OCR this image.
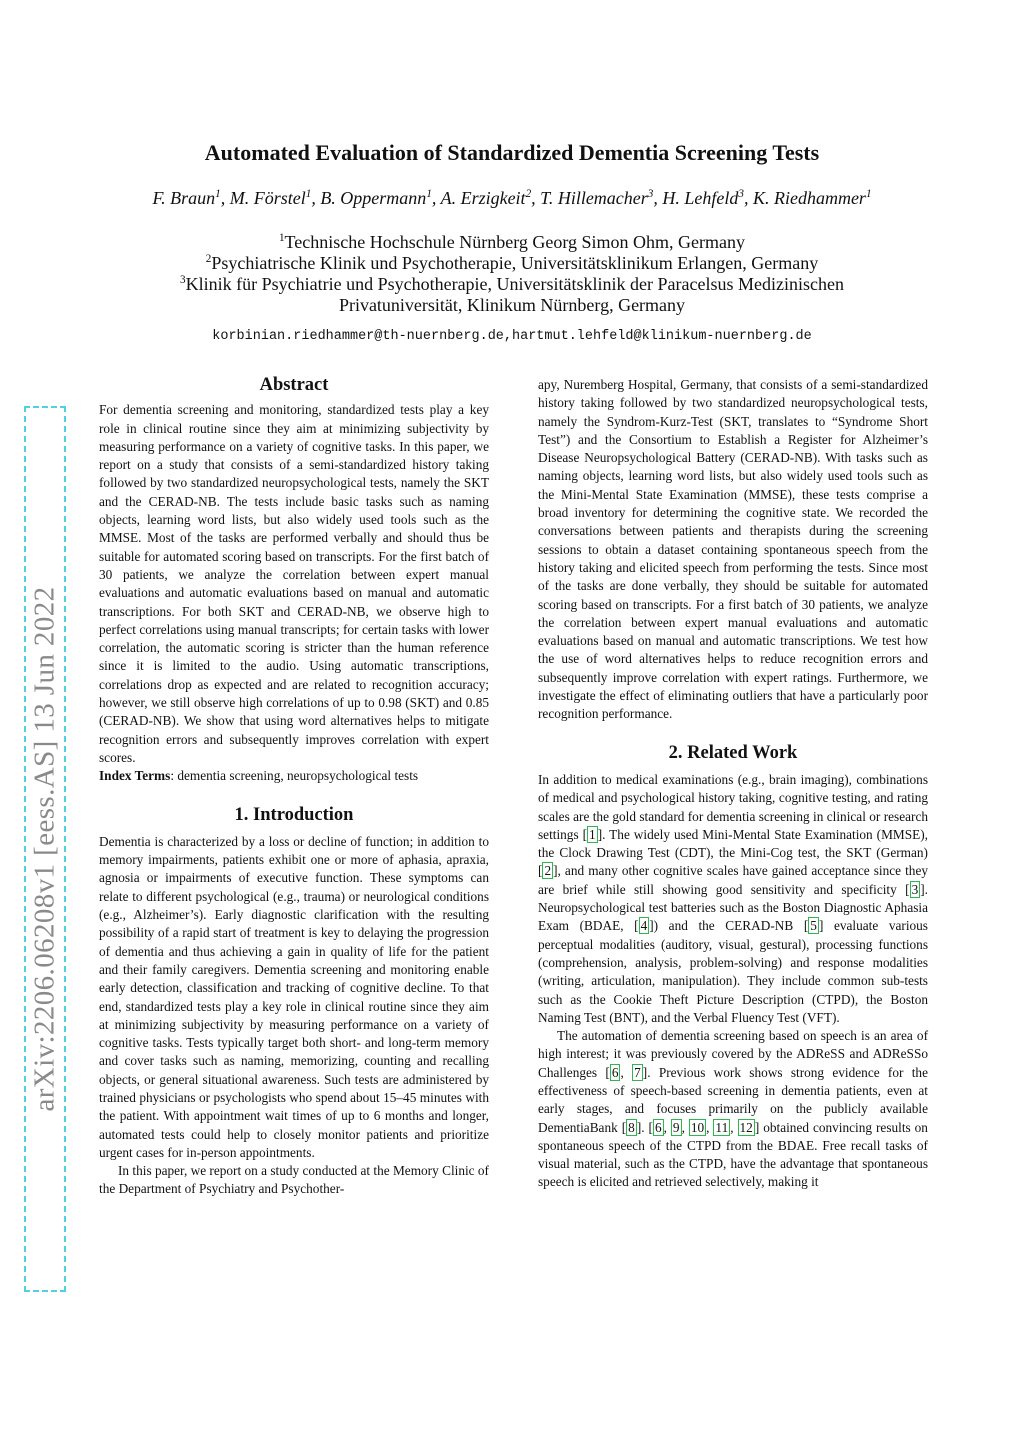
Automated Evaluation of Standardized Dementia Screening Tests
F. Braun$^1$, M. Förstel$^1$, B. Oppermann$^1$, A. Erzigkeit$^2$, T. Hillemacher$^3$, H. Lehfeld$^3$, K. Riedhammer$^1$
$^1$Technische Hochschule Nürnberg Georg Simon Ohm, Germany
$^2$Psychiatrische Klinik und Psychotherapie, Universitätsklinikum Erlangen, Germany
$^3$Klinik für Psychiatrie und Psychotherapie, Universitätsklinik der Paracelsus Medizinischen
Privatuniversität, Klinikum Nürnberg, Germany
korbinian.riedhammer@th-nuernberg.de,hartmut.lehfeld@klinikum-nuernberg.de
arXiv:2206.06208v1 [eess.AS] 13 Jun 2022
Abstract

For dementia screening and monitoring, standardized tests play a key role in clinical routine since they aim at minimizing subjectivity by measuring performance on a variety of cognitive tasks. In this paper, we report on a study that consists of a semi-standardized history taking followed by two standardized neuropsychological tests, namely the SKT and the CERAD-NB. The tests include basic tasks such as naming objects, learning word lists, but also widely used tools such as the MMSE. Most of the tasks are performed verbally and should thus be suitable for automated scoring based on transcripts. For the first batch of 30 patients, we analyze the correlation between expert manual evaluations and automatic evaluations based on manual and automatic transcriptions. For both SKT and CERAD-NB, we observe high to perfect correlations using manual transcripts; for certain tasks with lower correlation, the automatic scoring is stricter than the human reference since it is limited to the audio. Using automatic transcriptions, correlations drop as expected and are related to recognition accuracy; however, we still observe high correlations of up to 0.98 (SKT) and 0.85 (CERAD-NB). We show that using word alternatives helps to mitigate recognition errors and subsequently improves correlation with expert scores.

Index Terms: dementia screening, neuropsychological tests

1. Introduction

Dementia is characterized by a loss or decline of function; in addition to memory impairments, patients exhibit one or more of aphasia, apraxia, agnosia or impairments of executive function. These symptoms can relate to different psychological (e.g., trauma) or neurological conditions (e.g., Alzheimer’s). Early diagnostic clarification with the resulting possibility of a rapid start of treatment is key to delaying the progression of dementia and thus achieving a gain in quality of life for the patient and their family caregivers. Dementia screening and monitoring enable early detection, classification and tracking of cognitive decline. To that end, standardized tests play a key role in clinical routine since they aim at minimizing subjectivity by measuring performance on a variety of cognitive tasks. Tests typically target both short- and long-term memory and cover tasks such as naming, memorizing, counting and recalling objects, or general situational awareness. Such tests are administered by trained physicians or psychologists who spend about 15–45 minutes with the patient. With appointment wait times of up to 6 months and longer, automated tests could help to closely monitor patients and prioritize urgent cases for in-person appointments.

In this paper, we report on a study conducted at the Memory Clinic of the Department of Psychiatry and Psychother-

apy, Nuremberg Hospital, Germany, that consists of a semi-standardized history taking followed by two standardized neuropsychological tests, namely the Syndrom-Kurz-Test (SKT, translates to “Syndrome Short Test”) and the Consortium to Establish a Register for Alzheimer’s Disease Neuropsychological Battery (CERAD-NB). With tasks such as naming objects, learning word lists, but also widely used tools such as the Mini-Mental State Examination (MMSE), these tests comprise a broad inventory for determining the cognitive state. We recorded the conversations between patients and therapists during the screening sessions to obtain a dataset containing spontaneous speech from the history taking and elicited speech from performing the tests. Since most of the tasks are done verbally, they should be suitable for automated scoring based on transcripts. For a first batch of 30 patients, we analyze the correlation between expert manual evaluations and automatic evaluations based on manual and automatic transcriptions. We test how the use of word alternatives helps to reduce recognition errors and subsequently improve correlation with expert ratings. Furthermore, we investigate the effect of eliminating outliers that have a particularly poor recognition performance.

2. Related Work

In addition to medical examinations (e.g., brain imaging), combinations of medical and psychological history taking, cognitive testing, and rating scales are the gold standard for dementia screening in clinical or research settings [ 1 ]. The widely used Mini-Mental State Examination (MMSE), the Clock Drawing Test (CDT), the Mini-Cog test, the SKT (German) [ 2 ], and many other cognitive scales have gained acceptance since they are brief while still showing good sensitivity and specificity [ 3 ]. Neuropsychological test batteries such as the Boston Diagnostic Aphasia Exam (BDAE, [ 4 ]) and the CERAD-NB [ 5 ] evaluate various perceptual modalities (auditory, visual, gestural), processing functions (comprehension, analysis, problem-solving) and response modalities (writing, articulation, manipulation). They include common sub-tests such as the Cookie Theft Picture Description (CTPD), the Boston Naming Test (BNT), and the Verbal Fluency Test (VFT).

The automation of dementia screening based on speech is an area of high interest; it was previously covered by the ADReSS and ADReSSo Challenges [ 6 , 7 ]. Previous work shows strong evidence for the effectiveness of speech-based screening in dementia patients, even at early stages, and focuses primarily on the publicly available DementiaBank [ 8 ]. [ 6 , 9 , 10 , 11 , 12 ] obtained convincing results on spontaneous speech of the CTPD from the BDAE. Free recall tasks of visual material, such as the CTPD, have the advantage that spontaneous speech is elicited and retrieved selectively, making it
